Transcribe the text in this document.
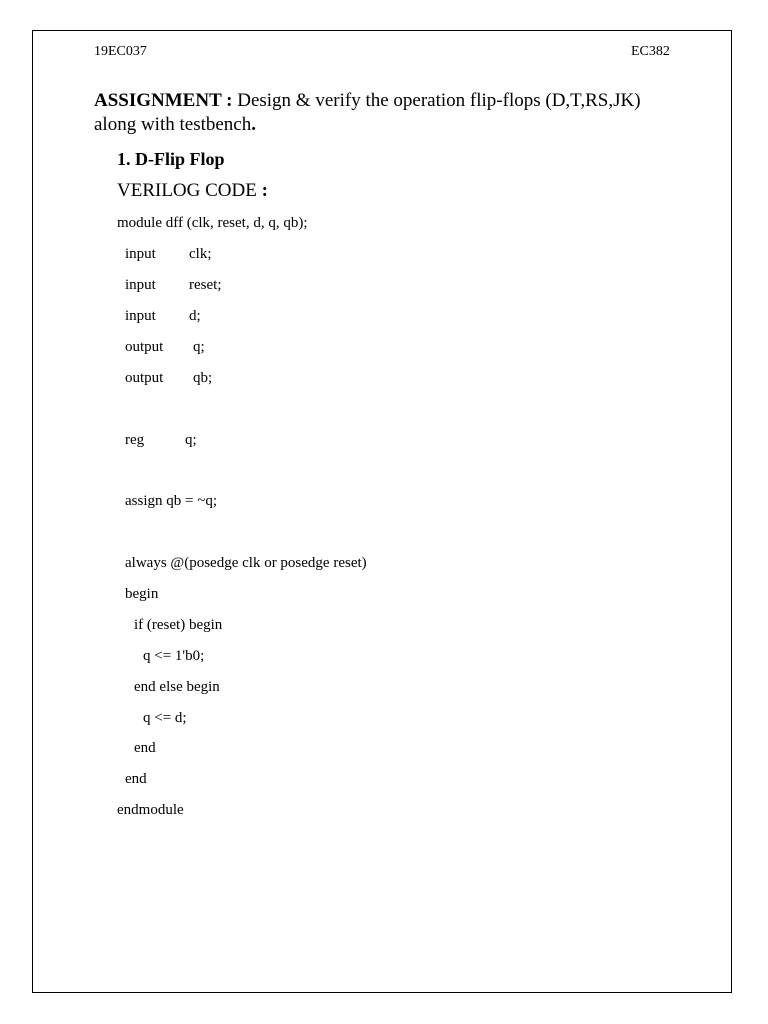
19EC037	EC382
ASSIGNMENT : Design & verify the operation flip-flops (D,T,RS,JK) along with testbench.
1. D-Flip Flop
VERILOG CODE :
module dff (clk, reset, d, q, qb);
input clk;
input reset;
input d;
output q;
output qb;
reg	q;
assign qb = ~q;
always @(posedge clk or posedge reset)
begin
if (reset) begin
q <= 1'b0;
end else begin
q <= d;
end
end
endmodule
